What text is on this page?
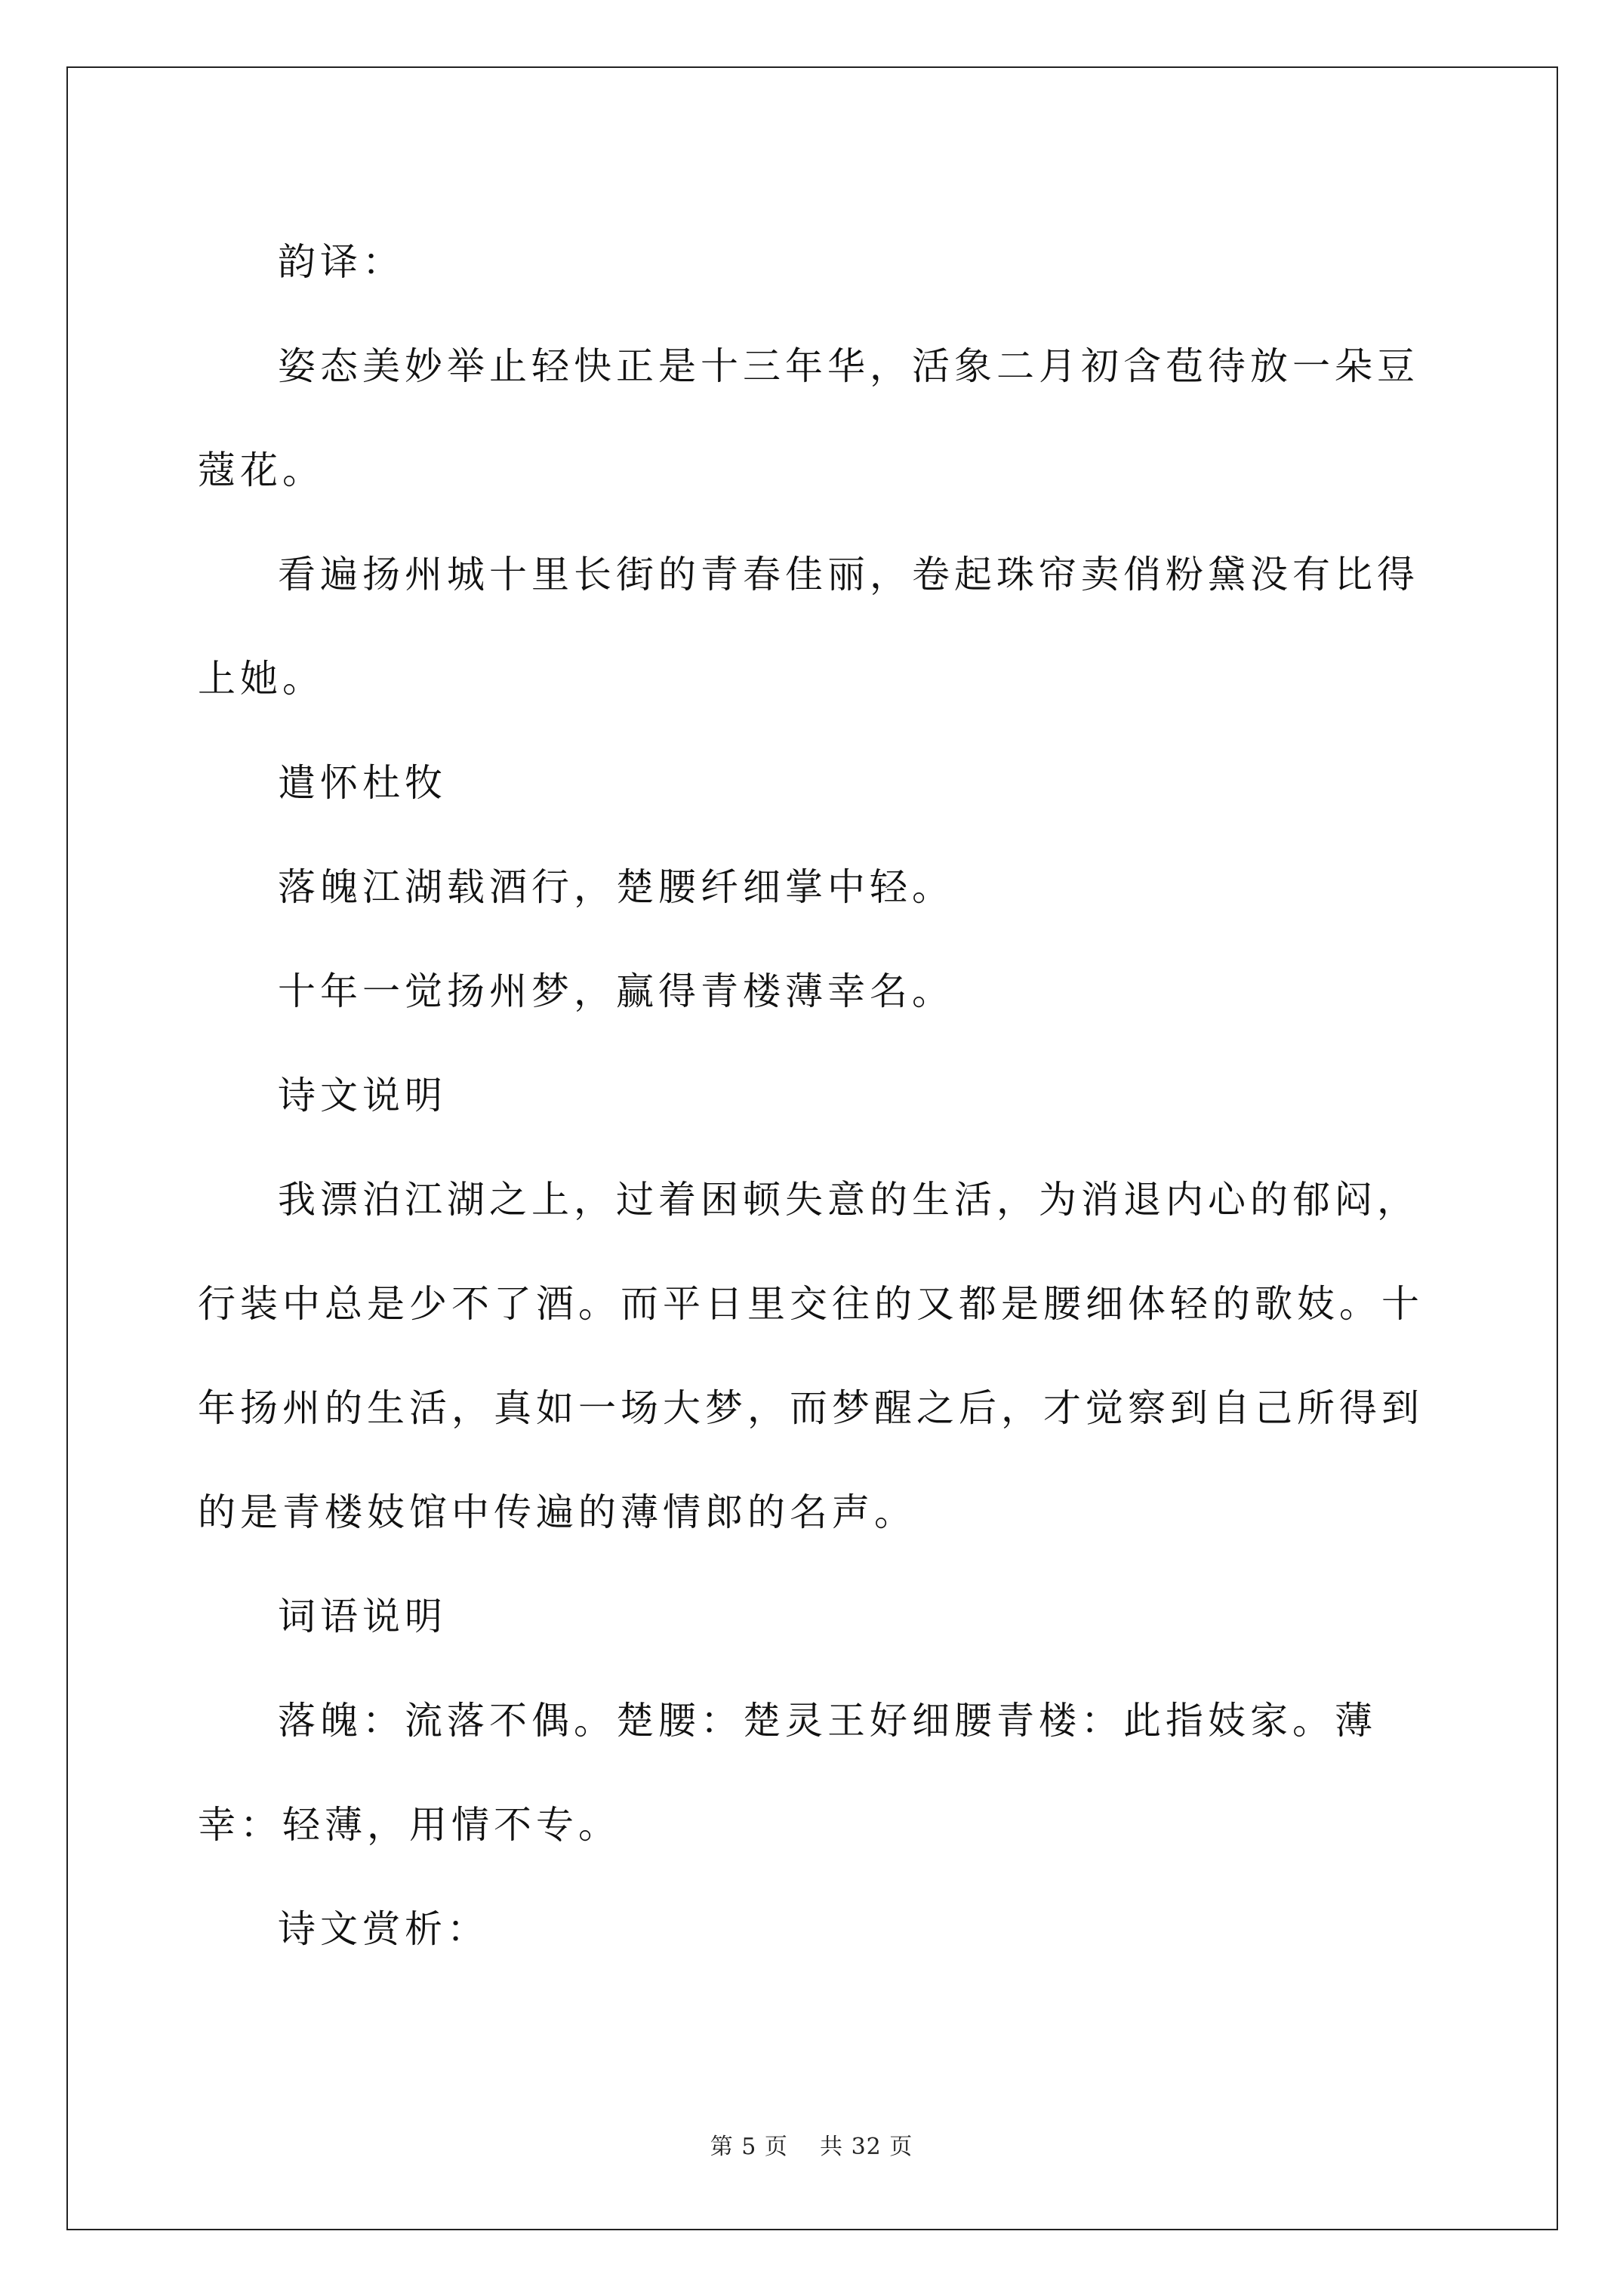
韵译：

姿态美妙举止轻快正是十三年华，活象二月初含苞待放一朵豆蔻花。

看遍扬州城十里长街的青春佳丽，卷起珠帘卖俏粉黛没有比得上她。

遣怀杜牧

落魄江湖载酒行，楚腰纤细掌中轻。

十年一觉扬州梦，赢得青楼薄幸名。

诗文说明

我漂泊江湖之上，过着困顿失意的生活，为消退内心的郁闷，行装中总是少不了酒。而平日里交往的又都是腰细体轻的歌妓。十年扬州的生活，真如一场大梦，而梦醒之后，才觉察到自己所得到的是青楼妓馆中传遍的薄情郎的名声。

词语说明

落魄：流落不偶。楚腰：楚灵王好细腰青楼：此指妓家。薄幸：轻薄，用情不专。

诗文赏析：

第 5 页 共 32 页
